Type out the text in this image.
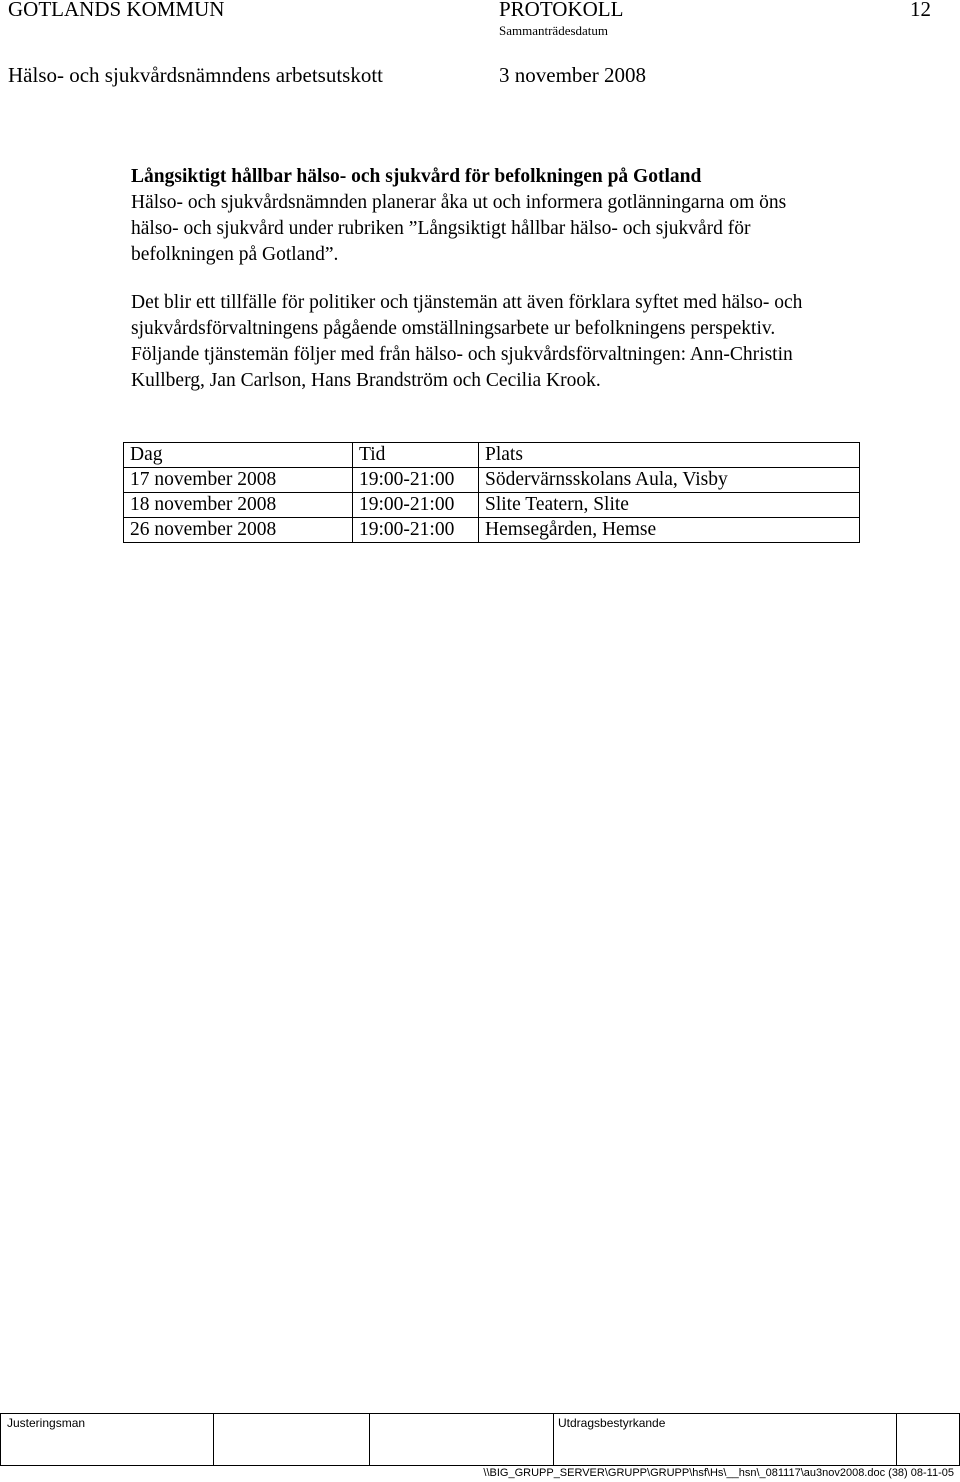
GOTLANDS KOMMUN	PROTOKOLL	12
Sammanträdesdatum
Hälso- och sjukvårdsnämndens arbetsutskott	3 november 2008

Långsiktigt hållbar hälso- och sjukvård för befolkningen på Gotland

Hälso- och sjukvårdsnämnden planerar åka ut och informera gotlänningarna om öns hälso- och sjukvård under rubriken ”Långsiktigt hållbar hälso- och sjukvård för befolkningen på Gotland”.

Det blir ett tillfälle för politiker och tjänstemän att även förklara syftet med hälso- och sjukvårdsförvaltningens pågående omställningsarbete ur befolkningens perspektiv.

Följande tjänstemän följer med från hälso- och sjukvårdsförvaltningen: Ann-Christin Kullberg, Jan Carlson, Hans Brandström och Cecilia Krook.

Dag	Tid	Plats
17 november 2008	19:00-21:00	Södervärnsskolans Aula, Visby
18 november 2008	19:00-21:00	Slite Teatern, Slite
26 november 2008	19:00-21:00	Hemsegården, Hemse
Justeringsman	Utdragsbestyrkande
\\BIG_GRUPP_SERVER\GRUPP\GRUPP\hsf\Hs\__hsn\_081117\au3nov2008.doc (38) 08-11-05
